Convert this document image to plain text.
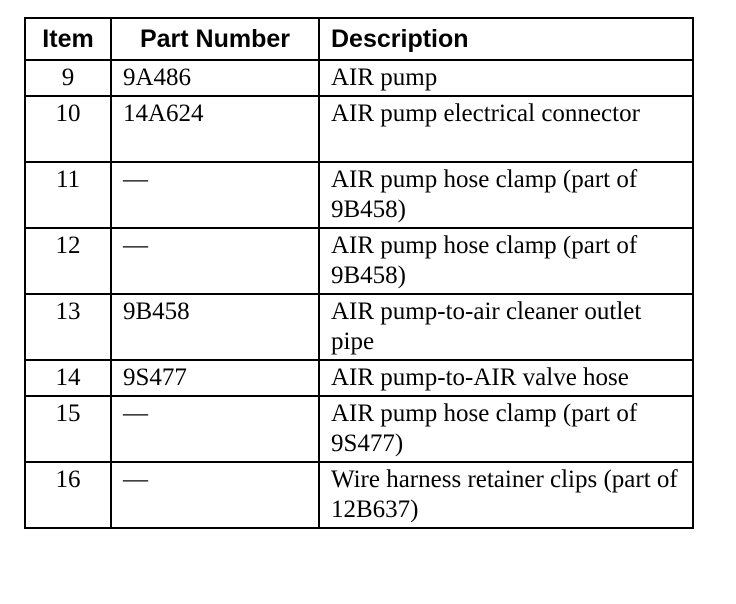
Item	Part Number	Description
9	9A486	AIR pump
10	14A624	AIR pump electrical connector
11	—	AIR pump hose clamp (part of 9B458)
12	—	AIR pump hose clamp (part of 9B458)
13	9B458	AIR pump-to-air cleaner outlet pipe
14	9S477	AIR pump-to-AIR valve hose
15	—	AIR pump hose clamp (part of 9S477)
16	—	Wire harness retainer clips (part of 12B637)
